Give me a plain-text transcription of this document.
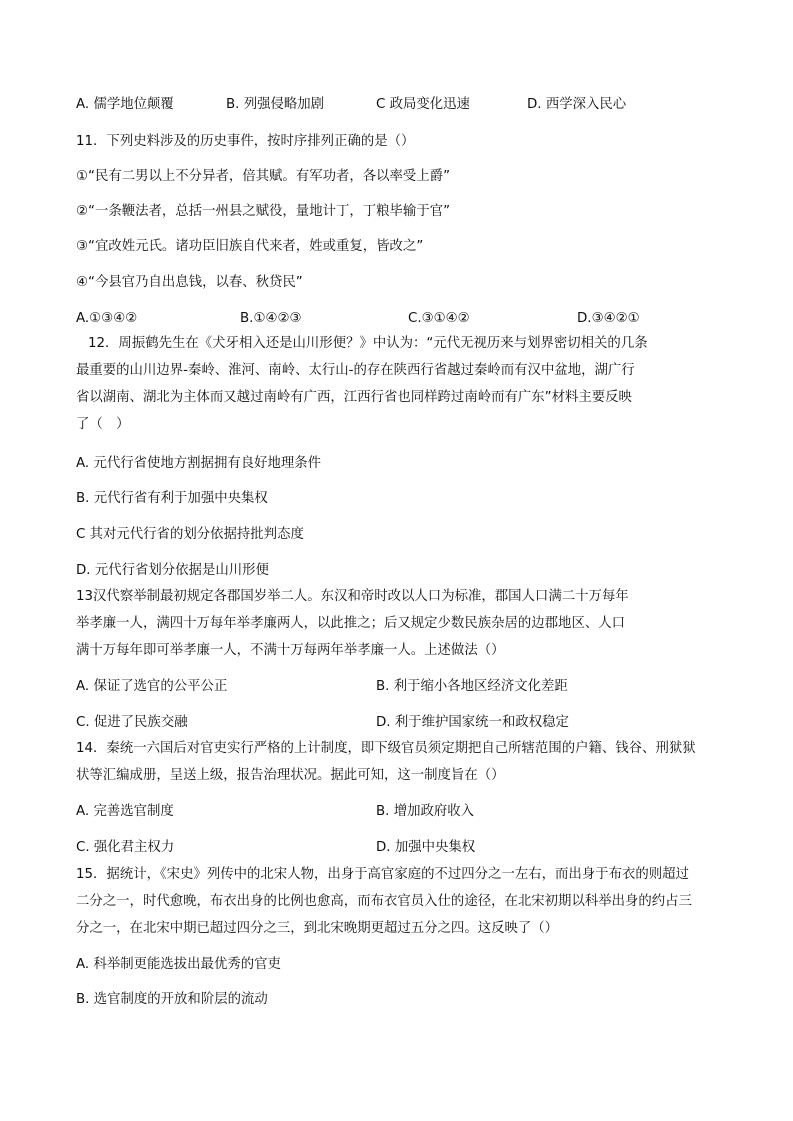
A. 儒学地位颠覆	B. 列强侵略加剧	C 政局变化迅速	D. 西学深入民心
11．下列史料涉及的历史事件，按时序排列正确的是（）
①“民有二男以上不分异者，倍其赋。有军功者，各以率受上爵”
②“一条鞭法者，总括一州县之赋役，量地计丁，丁粮毕输于官”
③“宜改姓元氏。诸功臣旧族自代来者，姓或重复，皆改之”
④“今县官乃自出息钱，以春、秋贷民”
A.①③④②	B.①④②③	C.③①④②	D.③④②①
12．周振鹤先生在《犬牙相入还是山川形便？》中认为：“元代无视历来与划界密切相关的几条
最重要的山川边界-秦岭、淮河、南岭、太行山-的存在陕西行省越过秦岭而有汉中盆地，湖广行
省以湖南、湖北为主体而又越过南岭有广西，江西行省也同样跨过南岭而有广东”材料主要反映
了（　）
A. 元代行省使地方割据拥有良好地理条件
B. 元代行省有利于加强中央集权
C 其对元代行省的划分依据持批判态度
D. 元代行省划分依据是山川形便
13汉代察举制最初规定各郡国岁举二人。东汉和帝时改以人口为标准，郡国人口满二十万每年
举孝廉一人，满四十万每年举孝廉两人，以此推之；后又规定少数民族杂居的边郡地区、人口
满十万每年即可举孝廉一人，不满十万每两年举孝廉一人。上述做法（）
A. 保证了选官的公平公正	B. 利于缩小各地区经济文化差距
C. 促进了民族交融	D. 利于维护国家统一和政权稳定
14．秦统一六国后对官吏实行严格的上计制度，即下级官员须定期把自己所辖范围的户籍、钱谷、刑狱狱
状等汇编成册，呈送上级，报告治理状况。据此可知，这一制度旨在（）
A. 完善选官制度	B. 增加政府收入
C. 强化君主权力	D. 加强中央集权
15．据统计，《宋史》列传中的北宋人物，出身于高官家庭的不过四分之一左右，而出身于布衣的则超过
二分之一，时代愈晚，布衣出身的比例也愈高，而布衣官员入仕的途径，在北宋初期以科举出身的约占三
分之一，在北宋中期已超过四分之三，到北宋晚期更超过五分之四。这反映了（）
A. 科举制更能选拔出最优秀的官吏
B. 选官制度的开放和阶层的流动
